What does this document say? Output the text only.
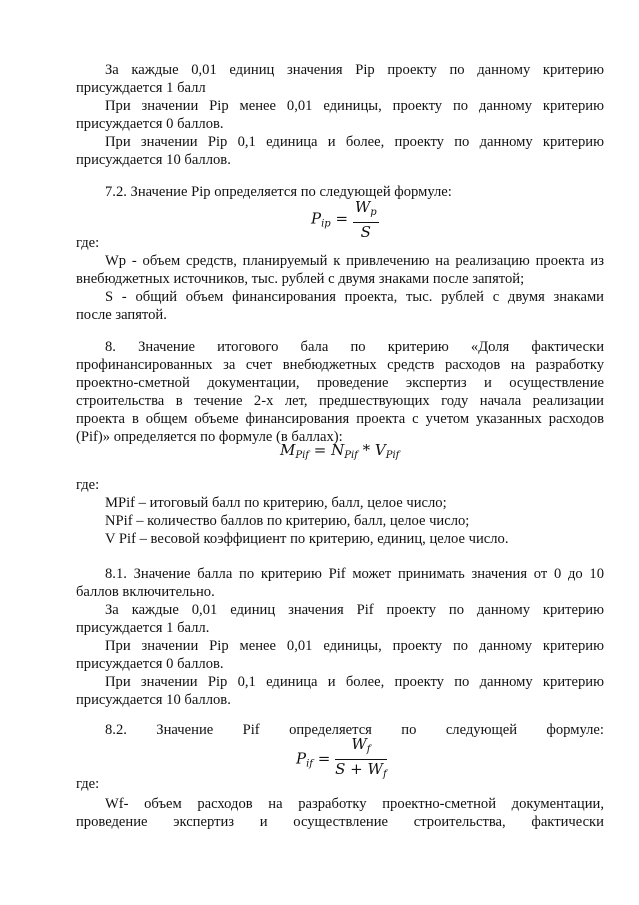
За каждые 0,01 единиц значения Pip проекту по данному критерию
присуждается 1 балл
При значении Pip менее 0,01 единицы, проекту по данному критерию
присуждается 0 баллов.
При значении Pip 0,1 единица и более, проекту по данному критерию
присуждается 10 баллов.
7.2. Значение Pip определяется по следующей формуле:
$P_{ip} = \frac{W_p}{S}$
где:
Wp - объем средств, планируемый к привлечению на реализацию проекта из
внебюджетных источников, тыс. рублей с двумя знаками после запятой;
S - общий объем финансирования проекта, тыс. рублей с двумя знаками
после запятой.
8. Значение итогового бала по критерию «Доля фактически
профинансированных за счет внебюджетных средств расходов на разработку
проектно-сметной документации, проведение экспертиз и осуществление
строительства в течение 2-х лет, предшествующих году начала реализации
проекта в общем объеме финансирования проекта с учетом указанных расходов
(Pif)» определяется по формуле (в баллах):
$M_{Pif} = N_{Pif} * V_{Pif}$
где:
MPif – итоговый балл по критерию, балл, целое число;
NPif – количество баллов по критерию, балл, целое число;
V Pif – весовой коэффициент по критерию, единиц, целое число.
8.1. Значение балла по критерию Pif может принимать значения от 0 до 10
баллов включительно.
За каждые 0,01 единиц значения Pif проекту по данному критерию
присуждается 1 балл.
При значении Pip менее 0,01 единицы, проекту по данному критерию
присуждается 0 баллов.
При значении Pip 0,1 единица и более, проекту по данному критерию
присуждается 10 баллов.
8.2. Значение Pif определяется по следующей формуле:
$P_{if} = \frac{W_f}{S + W_f}$
где:
Wf- объем расходов на разработку проектно-сметной документации,
проведение экспертиз и осуществление строительства, фактически
